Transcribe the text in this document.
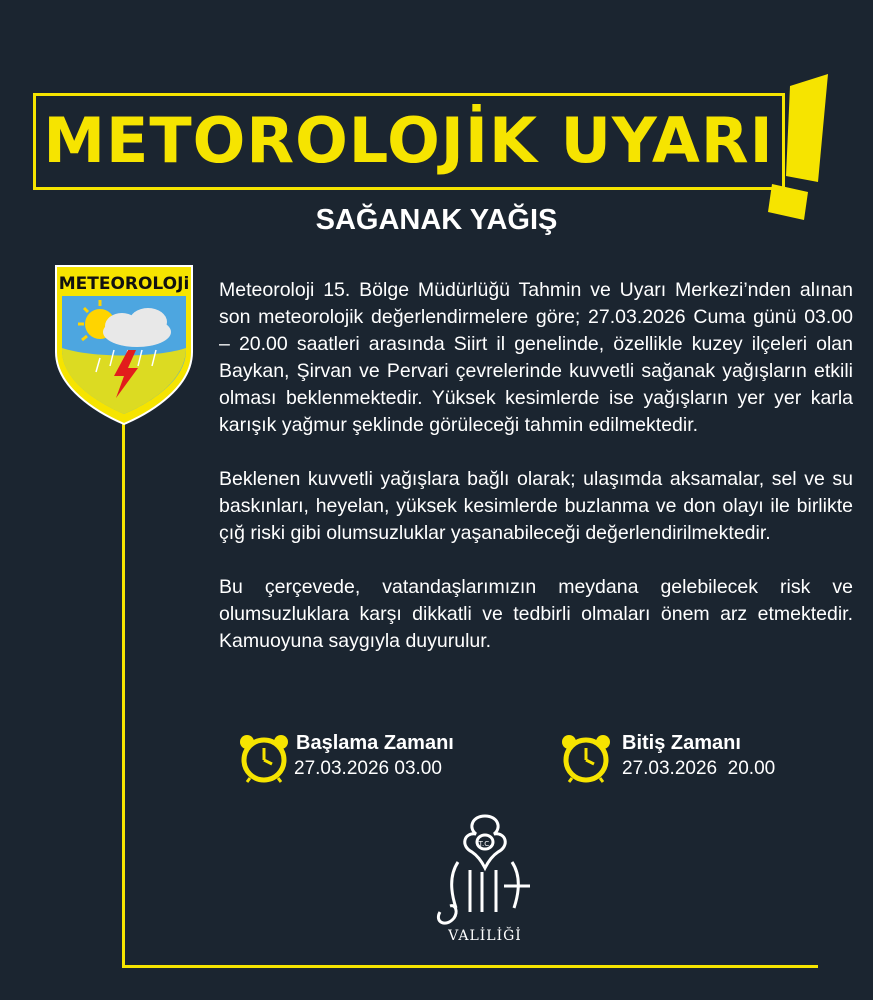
METOROLOJİK UYARI
SAĞANAK YAĞIŞ
METEOROLOJi Meteoroloji 15. Bölge Müdürlüğü Tahmin ve Uyarı Merkezi’nden alınan son meteorolojik değerlendirmelere göre; 27.03.2026 Cuma günü 03.00 – 20.00 saatleri arasında Siirt il genelinde, özellikle kuzey ilçeleri olan Baykan, Şirvan ve Pervari çevrelerinde kuvvetli sağanak yağışların etkili olması beklenmektedir. Yüksek kesimlerde ise yağışların yer yer karla karışık yağmur şeklinde görüleceği tahmin edilmektedir.

Beklenen kuvvetli yağışlara bağlı olarak; ulaşımda aksamalar, sel ve su baskınları, heyelan, yüksek kesimlerde buzlanma ve don olayı ile birlikte çığ riski gibi olumsuzluklar yaşanabileceği değerlendirilmektedir.

Bu çerçevede, vatandaşlarımızın meydana gelebilecek risk ve olumsuzluklara karşı dikkatli ve tedbirli olmaları önem arz etmektedir. Kamuoyuna saygıyla duyurulur.

Başlama Zamanı
27.03.2026 03.00
Bitiş Zamanı
27.03.2026  20.00
T.C.
VALİLİĞİ
